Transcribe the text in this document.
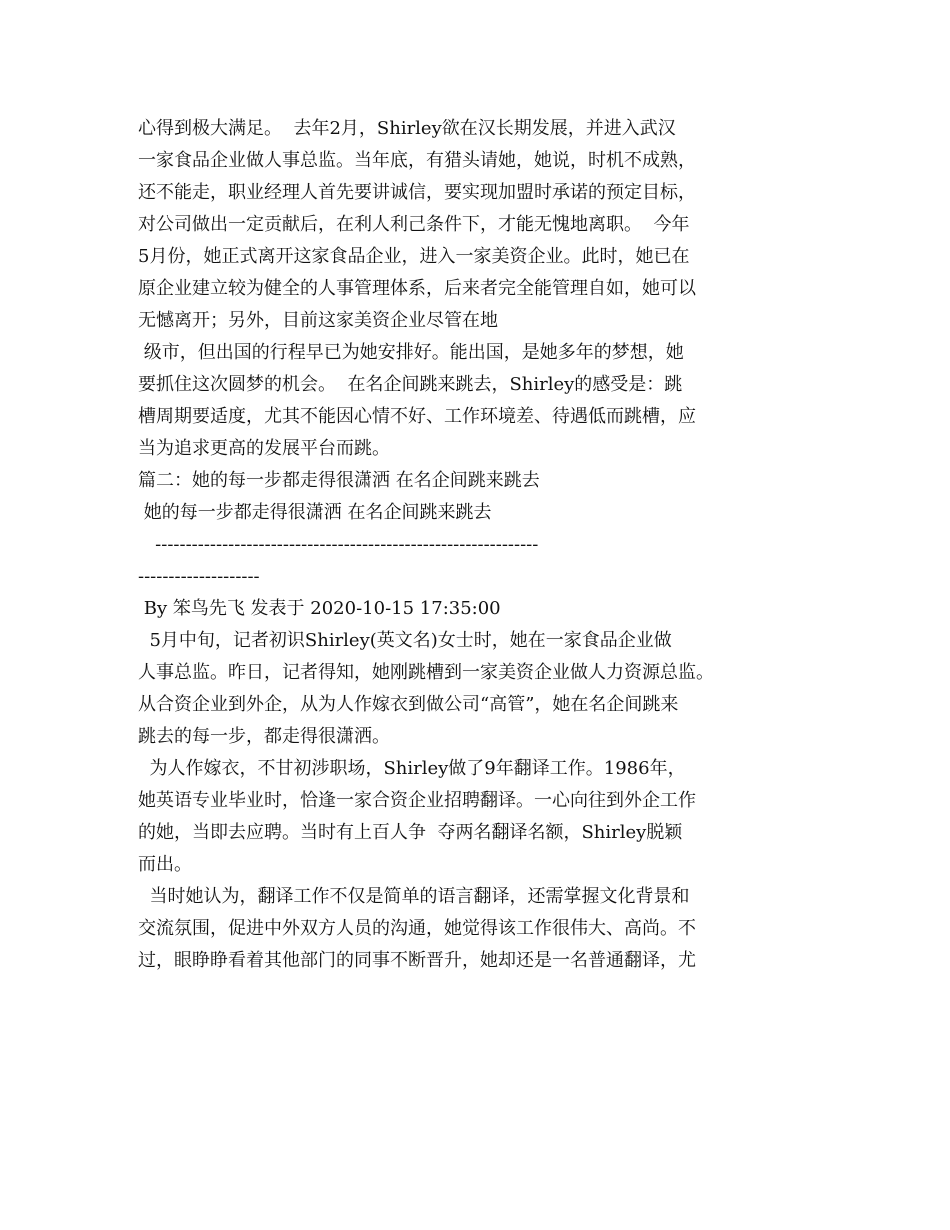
心得到极大满足。  去年2月，Shirley欲在汉长期发展，并进入武汉
一家食品企业做人事总监。当年底，有猎头请她，她说，时机不成熟，
还不能走，职业经理人首先要讲诚信，要实现加盟时承诺的预定目标，
对公司做出一定贡献后，在利人利己条件下，才能无愧地离职。  今年
5月份，她正式离开这家食品企业，进入一家美资企业。此时，她已在
原企业建立较为健全的人事管理体系，后来者完全能管理自如，她可以
无憾离开；另外，目前这家美资企业尽管在地
级市，但出国的行程早已为她安排好。能出国，是她多年的梦想，她
要抓住这次圆梦的机会。  在名企间跳来跳去，Shirley的感受是：跳
槽周期要适度，尤其不能因心情不好、工作环境差、待遇低而跳槽，应
当为追求更高的发展平台而跳。
篇二：她的每一步都走得很潇洒 在名企间跳来跳去
她的每一步都走得很潇洒 在名企间跳来跳去
---------------------------------------------------------------
--------------------
By 笨鸟先飞 发表于 2020-10-15 17:35:00
5月中旬，记者初识Shirley(英文名)女士时，她在一家食品企业做
人事总监。昨日，记者得知，她刚跳槽到一家美资企业做人力资源总监。
从合资企业到外企，从为人作嫁衣到做公司“高管”，她在名企间跳来
跳去的每一步，都走得很潇洒。
为人作嫁衣，不甘初涉职场，Shirley做了9年翻译工作。1986年，
她英语专业毕业时，恰逢一家合资企业招聘翻译。一心向往到外企工作
的她，当即去应聘。当时有上百人争  夺两名翻译名额，Shirley脱颖
而出。
当时她认为，翻译工作不仅是简单的语言翻译，还需掌握文化背景和
交流氛围，促进中外双方人员的沟通，她觉得该工作很伟大、高尚。不
过，眼睁睁看着其他部门的同事不断晋升，她却还是一名普通翻译，尤
